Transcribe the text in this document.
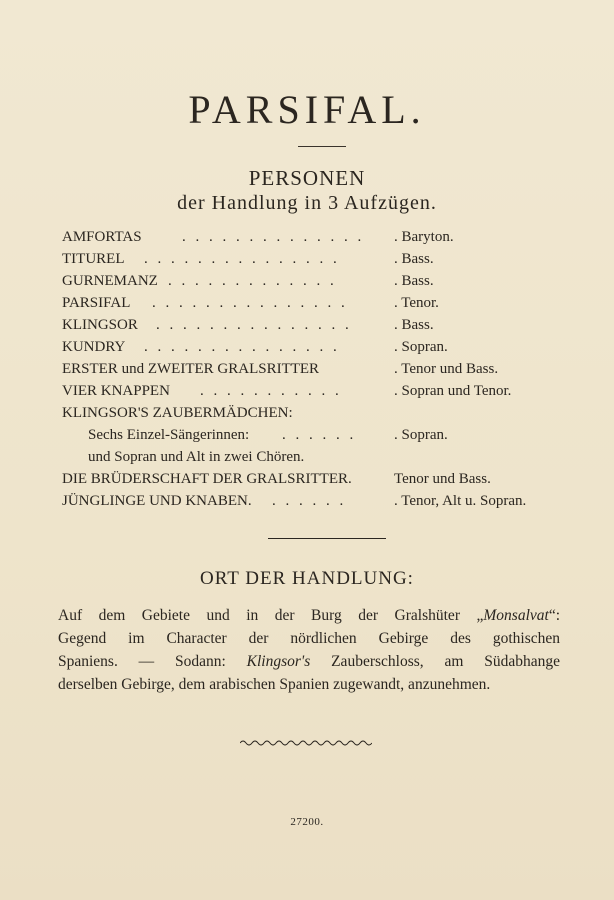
PARSIFAL.
PERSONEN
der Handlung in 3 Aufzügen.
AMFORTAS	. . . . . . . . . . . . . .	. Baryton.
TITUREL . . . . . . . . . . . . . . .	. Bass.
GURNEMANZ . . . . . . . . . . . . .	. Bass.
PARSIFAL . . . . . . . . . . . . . . .	. Tenor.
KLINGSOR . . . . . . . . . . . . . . .	. Bass.
KUNDRY . . . . . . . . . . . . . . .	. Sopran.
ERSTER und ZWEITER GRALSRITTER	. Tenor und Bass.
VIER KNAPPEN . . . . . . . . . . .	. Sopran und Tenor.
KLINGSOR'S ZAUBERMÄDCHEN:
Sechs Einzel-Sängerinnen: . . . . . .	. Sopran.
und Sopran und Alt in zwei Chören.
DIE BRÜDERSCHAFT DER GRALSRITTER.	Tenor und Bass.
JÜNGLINGE UND KNABEN. . . . . . .	. Tenor, Alt u. Sopran.
ORT DER HANDLUNG:
Auf dem Gebiete und in der Burg der Gralshüter „Monsalvat“:
Gegend im Character der nördlichen Gebirge des gothischen
Spaniens. — Sodann: Klingsor's Zauberschloss, am Südabhange
derselben Gebirge, dem arabischen Spanien zugewandt, anzunehmen.
27200.
